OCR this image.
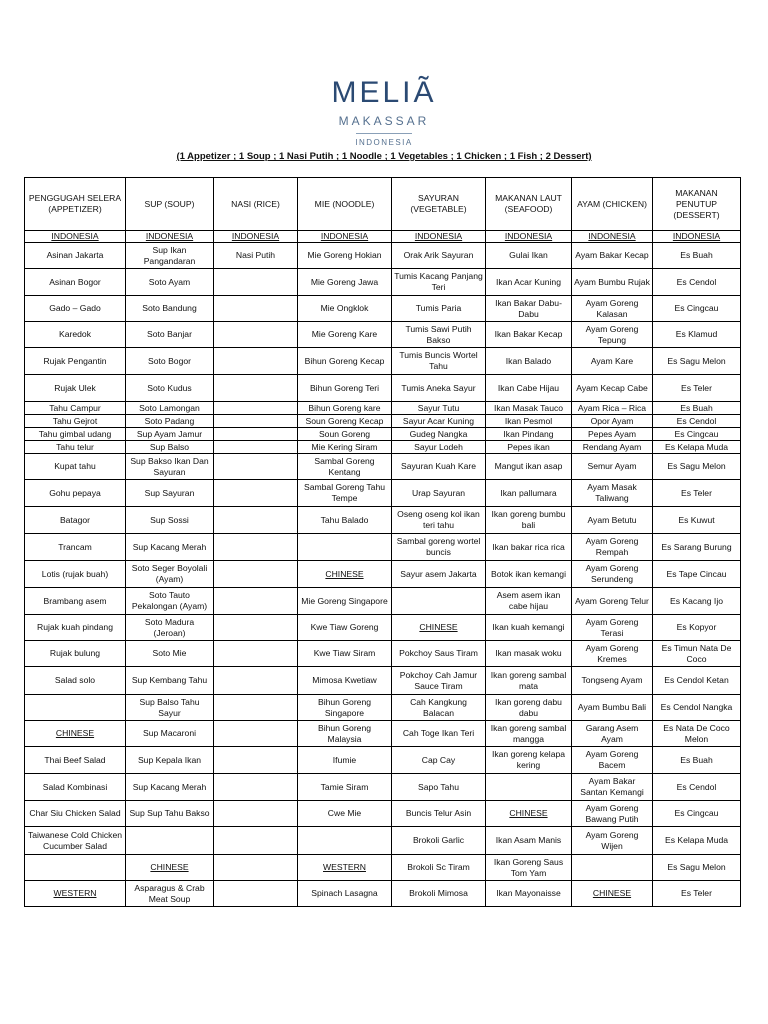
MELIÃ
MAKASSAR
INDONESIA
(1 Appetizer ; 1 Soup ; 1 Nasi Putih ; 1 Noodle ; 1 Vegetables ; 1 Chicken ; 1 Fish ; 2 Dessert)
PENGGUGAH SELERA (APPETIZER)	SUP (SOUP)	NASI (RICE)	MIE (NOODLE)	SAYURAN (VEGETABLE)	MAKANAN LAUT (SEAFOOD)	AYAM (CHICKEN)	MAKANAN PENUTUP (DESSERT)
INDONESIA	INDONESIA	INDONESIA	INDONESIA	INDONESIA	INDONESIA	INDONESIA	INDONESIA
Asinan Jakarta	Sup Ikan Pangandaran	Nasi Putih	Mie Goreng Hokian	Orak Arik Sayuran	Gulai Ikan	Ayam Bakar Kecap	Es Buah
Asinan Bogor	Soto Ayam		Mie Goreng Jawa	Tumis Kacang Panjang Teri	Ikan Acar Kuning	Ayam Bumbu Rujak	Es Cendol
Gado – Gado	Soto Bandung		Mie Ongklok	Tumis Paria	Ikan Bakar Dabu-Dabu	Ayam Goreng Kalasan	Es Cingcau
Karedok	Soto Banjar		Mie Goreng Kare	Tumis Sawi Putih Bakso	Ikan Bakar Kecap	Ayam Goreng Tepung	Es Klamud
Rujak Pengantin	Soto Bogor		Bihun Goreng Kecap	Tumis Buncis Wortel Tahu	Ikan Balado	Ayam Kare	Es Sagu Melon
Rujak Ulek	Soto Kudus		Bihun Goreng Teri	Tumis Aneka Sayur	Ikan Cabe Hijau	Ayam Kecap Cabe	Es Teler
Tahu Campur	Soto Lamongan		Bihun Goreng kare	Sayur Tutu	Ikan Masak Tauco	Ayam Rica – Rica	Es Buah
Tahu Gejrot	Soto Padang		Soun Goreng Kecap	Sayur Acar Kuning	Ikan Pesmol	Opor Ayam	Es Cendol
Tahu gimbal udang	Sup Ayam Jamur		Soun Goreng	Gudeg Nangka	Ikan Pindang	Pepes Ayam	Es Cingcau
Tahu telur	Sup Balso		Mie Kering Siram	Sayur Lodeh	Pepes ikan	Rendang Ayam	Es Kelapa Muda
Kupat tahu	Sup Bakso Ikan Dan Sayuran		Sambal Goreng Kentang	Sayuran Kuah Kare	Mangut ikan asap	Semur Ayam	Es Sagu Melon
Gohu pepaya	Sup Sayuran		Sambal Goreng Tahu Tempe	Urap Sayuran	Ikan pallumara	Ayam Masak Taliwang	Es Teler
Batagor	Sup Sossi		Tahu Balado	Oseng oseng kol ikan teri tahu	Ikan goreng bumbu bali	Ayam Betutu	Es Kuwut
Trancam	Sup Kacang Merah			Sambal goreng wortel buncis	Ikan bakar rica rica	Ayam Goreng Rempah	Es Sarang Burung
Lotis (rujak buah)	Soto Seger Boyolali (Ayam)		CHINESE	Sayur asem Jakarta	Botok ikan kemangi	Ayam Goreng Serundeng	Es Tape Cincau
Brambang asem	Soto Tauto Pekalongan (Ayam)		Mie Goreng Singapore		Asem asem ikan cabe hijau	Ayam Goreng Telur	Es Kacang Ijo
Rujak kuah pindang	Soto Madura (Jeroan)		Kwe Tiaw Goreng	CHINESE	Ikan kuah kemangi	Ayam Goreng Terasi	Es Kopyor
Rujak bulung	Soto Mie		Kwe Tiaw Siram	Pokchoy Saus Tiram	Ikan masak woku	Ayam Goreng Kremes	Es Timun Nata De Coco
Salad solo	Sup Kembang Tahu		Mimosa Kwetiaw	Pokchoy Cah Jamur Sauce Tiram	Ikan goreng sambal mata	Tongseng Ayam	Es Cendol Ketan
	Sup Balso Tahu Sayur		Bihun Goreng Singapore	Cah Kangkung Balacan	Ikan goreng dabu dabu	Ayam Bumbu Bali	Es Cendol Nangka
CHINESE	Sup Macaroni		Bihun Goreng Malaysia	Cah Toge Ikan Teri	Ikan goreng sambal mangga	Garang Asem Ayam	Es Nata De Coco Melon
Thai Beef Salad	Sup Kepala Ikan		Ifumie	Cap Cay	Ikan goreng kelapa kering	Ayam Goreng Bacem	Es Buah
Salad Kombinasi	Sup Kacang Merah		Tamie Siram	Sapo Tahu		Ayam Bakar Santan Kemangi	Es Cendol
Char Siu Chicken Salad	Sup Sup Tahu Bakso		Cwe Mie	Buncis Telur Asin	CHINESE	Ayam Goreng Bawang Putih	Es Cingcau
Taiwanese Cold Chicken Cucumber Salad				Brokoli Garlic	Ikan Asam Manis	Ayam Goreng Wijen	Es Kelapa Muda
	CHINESE		WESTERN	Brokoli Sc Tiram	Ikan Goreng Saus Tom Yam		Es Sagu Melon
WESTERN	Asparagus & Crab Meat Soup		Spinach Lasagna	Brokoli Mimosa	Ikan Mayonaisse	CHINESE	Es Teler
